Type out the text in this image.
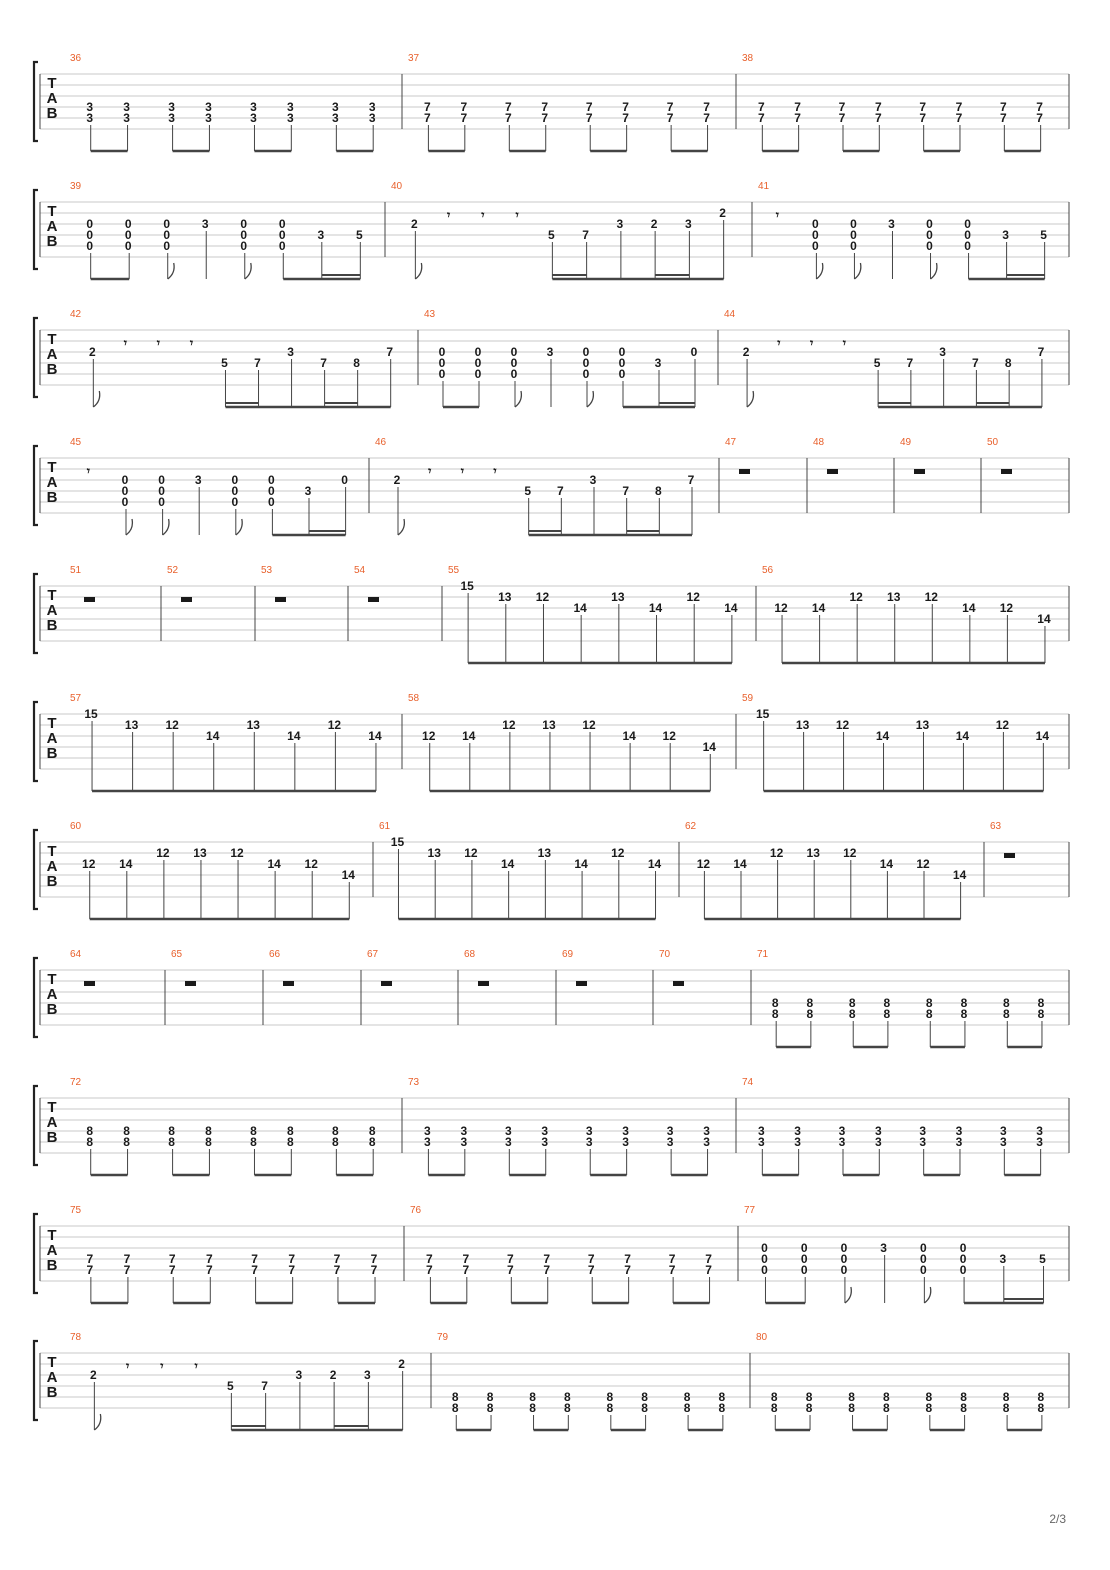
T
A
B
36
3
3
3
3
3
3
3
3
3
3
3
3
3
3
3
3
37
7
7
7
7
7
7
7
7
7
7
7
7
7
7
7
7
38
7
7
7
7
7
7
7
7
7
7
7
7
7
7
7
7
T
A
B
39
0
0
0
0
0
0
0
0
0
3	0
0
0
0
0
0
3	5
40
2
𝄾	𝄾	𝄾
5 7
3 2 3
2
41
𝄾
0
0
0
0
0
0
3	0
0
0
0
0
0
3	5
T
A
B
42
2
𝄾 𝄾 𝄾
5 7
3
7 8
7
43
0
0
0
0
0
0
0
0
0
3 0
0
0
0
0
0
3
0
44
2
𝄾 𝄾 𝄾
5 7
3
7 8
7
T
A
B
45
𝄾
0
0
0
0
0
0
3 0
0
0
0
0
0
3
0
46
2
𝄾 𝄾 𝄾
5 7
3
7 8
7
47	48	49	50
T
A
B
51	52	53	54	55
15
13 12
14
13
14
12
14
56
12 14
12 13 12
14 12
14
T
A
B
57
15
13 12
14
13
14
12
14
58
12 14
12 13 12
14 12
14
59
15
13 12
14
13
14
12
14
T
A
B
60
12 14
12 13 12
14 12
14
61
15
13 12
14
13
14
12
14
62
12 14
12 13 12
14 12
14
63
T
A
B
64	65	66	67	68	69	70	71
8
8
8
8
8
8
8
8
8
8
8
8
8
8
8
8
T
A
B
72
8
8
8
8
8
8
8
8
8
8
8
8
8
8
8
8
73
3
3
3
3
3
3
3
3
3
3
3
3
3
3
3
3
74
3
3
3
3
3
3
3
3
3
3
3
3
3
3
3
3
T
A
B
75
7
7
7
7
7
7
7
7
7
7
7
7
7
7
7
7
76
7
7
7
7
7
7
7
7
7
7
7
7
7
7
7
7
77
0
0
0
0
0
0
0
0
0
3	0
0
0
0
0
0
3	5
T
A
B
78
2
𝄾	𝄾	𝄾
5 7
3 2 3
2
79
8
8
8
8
8
8
8
8
8
8
8
8
8
8
8
8
80
8
8
8
8
8
8
8
8
8
8
8
8
8
8
8
8
2/3
